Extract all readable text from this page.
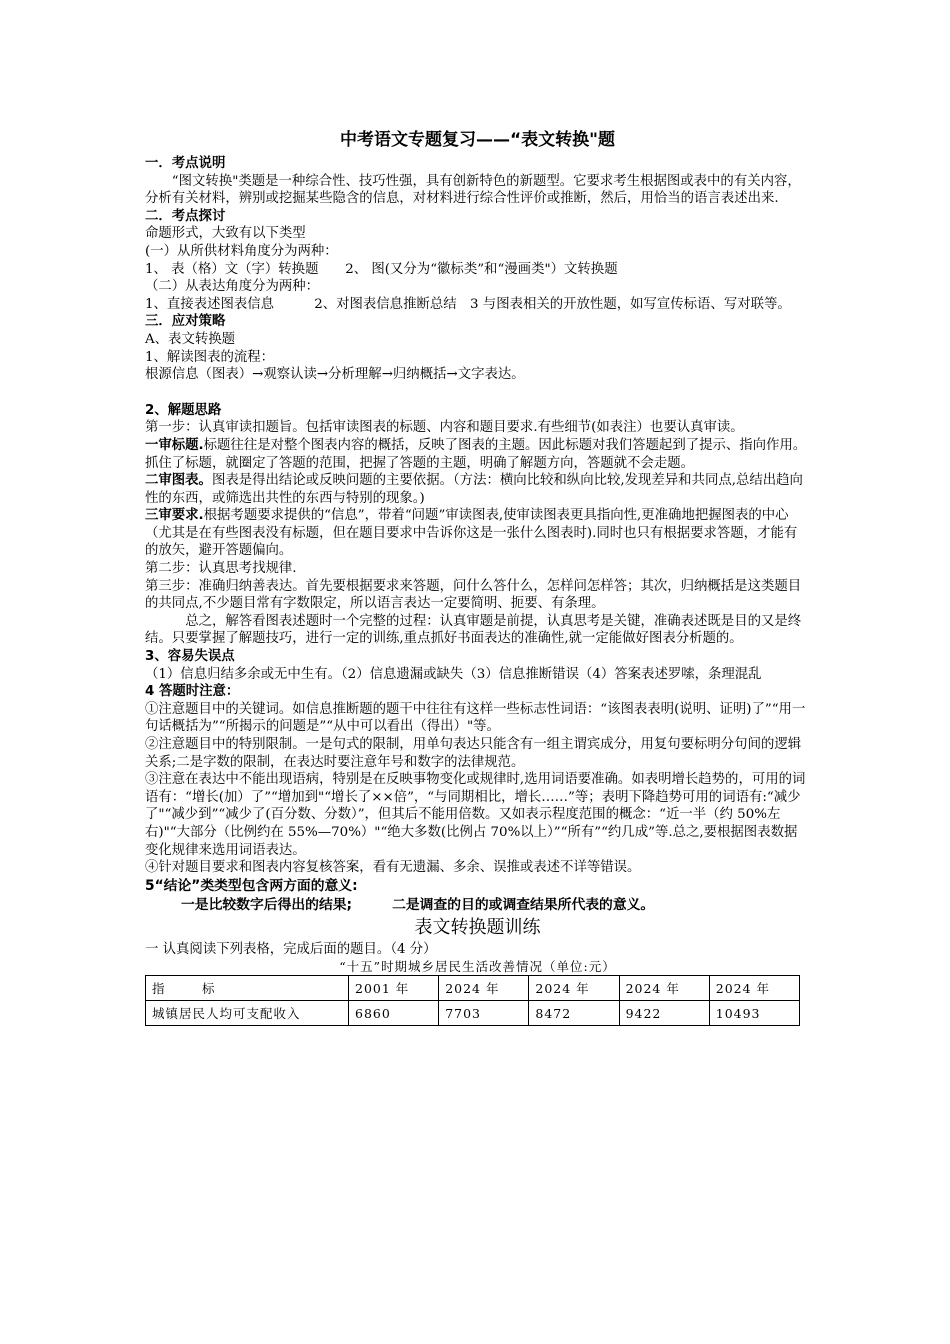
中考语文专题复习——“表文转换"题

一．考点说明

“图文转换"类题是一种综合性、技巧性强，具有创新特色的新题型。它要求考生根据图或表中的有关内容，分析有关材料，辨别或挖掘某些隐含的信息，对材料进行综合性评价或推断，然后，用恰当的语言表述出来.

二．考点探讨

命题形式，大致有以下类型

(一）从所供材料角度分为两种：

1、 表（格）文（字）转换题　　2、 图(又分为“徽标类”和“漫画类"）文转换题

（二）从表达角度分为两种：

1、直接表述图表信息　　　2、对图表信息推断总结　3 与图表相关的开放性题，如写宣传标语、写对联等。

三．应对策略

A、表文转换题

1、解读图表的流程：

根源信息（图表）→观察认读→分析理解→归纳概括→文字表达。

2、解题思路

第一步：认真审读扣题旨。包括审读图表的标题、内容和题目要求.有些细节(如表注）也要认真审读。

一审标题.标题往往是对整个图表内容的概括，反映了图表的主题。因此标题对我们答题起到了提示、指向作用。抓住了标题，就圈定了答题的范围，把握了答题的主题，明确了解题方向，答题就不会走题。

二审图表。图表是得出结论或反映问题的主要依据。（方法：横向比较和纵向比较,发现差异和共同点,总结出趋向性的东西，或筛选出共性的东西与特别的现象。)

三审要求.根据考题要求提供的“信息”，带着“问题”审读图表,使审读图表更具指向性,更准确地把握图表的中心（尤其是在有些图表没有标题，但在题目要求中告诉你这是一张什么图表时).同时也只有根据要求答题，才能有的放矢，避开答题偏向。

第二步：认真思考找规律.

第三步：准确归纳善表达。首先要根据要求来答题，问什么答什么，怎样问怎样答；其次，归纳概括是这类题目的共同点,不少题目常有字数限定，所以语言表达一定要简明、扼要、有条理。

总之，解答看图表述题时一个完整的过程：认真审题是前提，认真思考是关键，准确表述既是目的又是终结。只要掌握了解题技巧，进行一定的训练,重点抓好书面表达的准确性,就一定能做好图表分析题的。

3、容易失误点

（1）信息归结多余或无中生有。（2）信息遗漏或缺失（3）信息推断错误（4）答案表述罗嗦，条理混乱

4 答题时注意：

①注意题目中的关键词。如信息推断题的题干中往往有这样一些标志性词语：“该图表表明(说明、证明)了”“用一句话概括为”“所揭示的问题是”“从中可以看出（得出）"等。

②注意题目中的特别限制。一是句式的限制，用单句表达只能含有一组主谓宾成分，用复句要标明分句间的逻辑关系;二是字数的限制，在表达时要注意年号和数字的法律规范。

③注意在表达中不能出现语病，特别是在反映事物变化或规律时,选用词语要准确。如表明增长趋势的，可用的词语有：“增长(加）了”“增加到"“增长了××倍”，“与同期相比，增长……”等；表明下降趋势可用的词语有:“减少了"“减少到”“减少了(百分数、分数）”，但其后不能用倍数。又如表示程度范围的概念：“近一半（约 50%左右)"“大部分（比例约在 55%—70%）"“绝大多数(比例占 70%以上）”“所有”“约几成”等.总之,要根据图表数据变化规律来选用词语表达。

④针对题目要求和图表内容复核答案，看有无遗漏、多余、误推或表述不详等错误。

5“结论”类类型包含两方面的意义:

一是比较数字后得出的结果;	二是调查的目的或调查结果所代表的意义。

表文转换题训练

一 认真阅读下列表格，完成后面的题目。（4 分）

“十五”时期城乡居民生活改善情况（单位:元）

指　　　标	2001 年	2024 年	2024 年	2024 年	2024 年
城镇居民人均可支配收入	6860	7703	8472	9422	10493
